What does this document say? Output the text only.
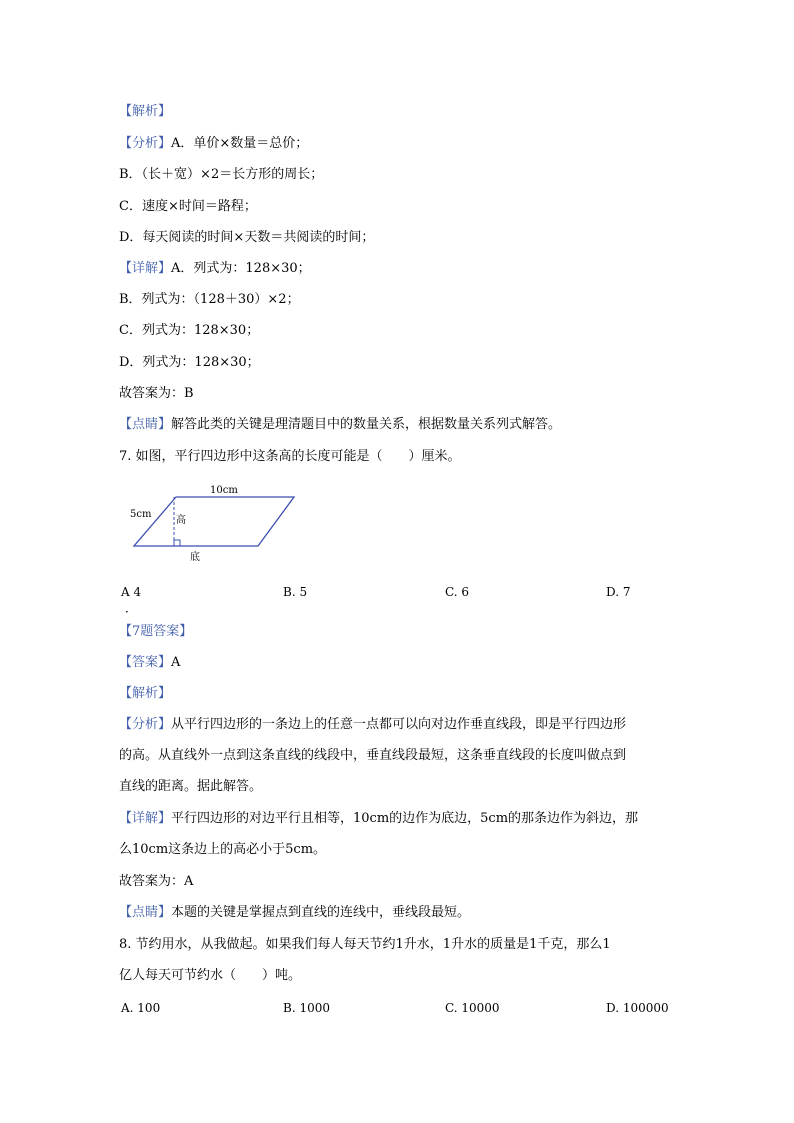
【解析】
【分析】A．单价×数量＝总价；
B．（长＋宽）×2＝长方形的周长；
C．速度×时间＝路程；
D．每天阅读的时间×天数＝共阅读的时间；
【详解】A．列式为：128×30；
B．列式为：（128＋30）×2；
C．列式为：128×30；
D．列式为：128×30；
故答案为：B
【点睛】解答此类的关键是理清题目中的数量关系，根据数量关系列式解答。
7. 如图，平行四边形中这条高的长度可能是（　　）厘米。
10cm
5cm
高
底
A 4	B. 5	C. 6	D. 7
．
【7题答案】
【答案】A
【解析】
【分析】从平行四边形的一条边上的任意一点都可以向对边作垂直线段，即是平行四边形
的高。从直线外一点到这条直线的线段中，垂直线段最短，这条垂直线段的长度叫做点到
直线的距离。据此解答。
【详解】平行四边形的对边平行且相等，10cm的边作为底边，5cm的那条边作为斜边，那
么10cm这条边上的高必小于5cm。
故答案为：A
【点睛】本题的关键是掌握点到直线的连线中，垂线段最短。
8. 节约用水，从我做起。如果我们每人每天节约1升水，1升水的质量是1千克，那么1
亿人每天可节约水（　　）吨。
A. 100	B. 1000	C. 10000	D. 100000
